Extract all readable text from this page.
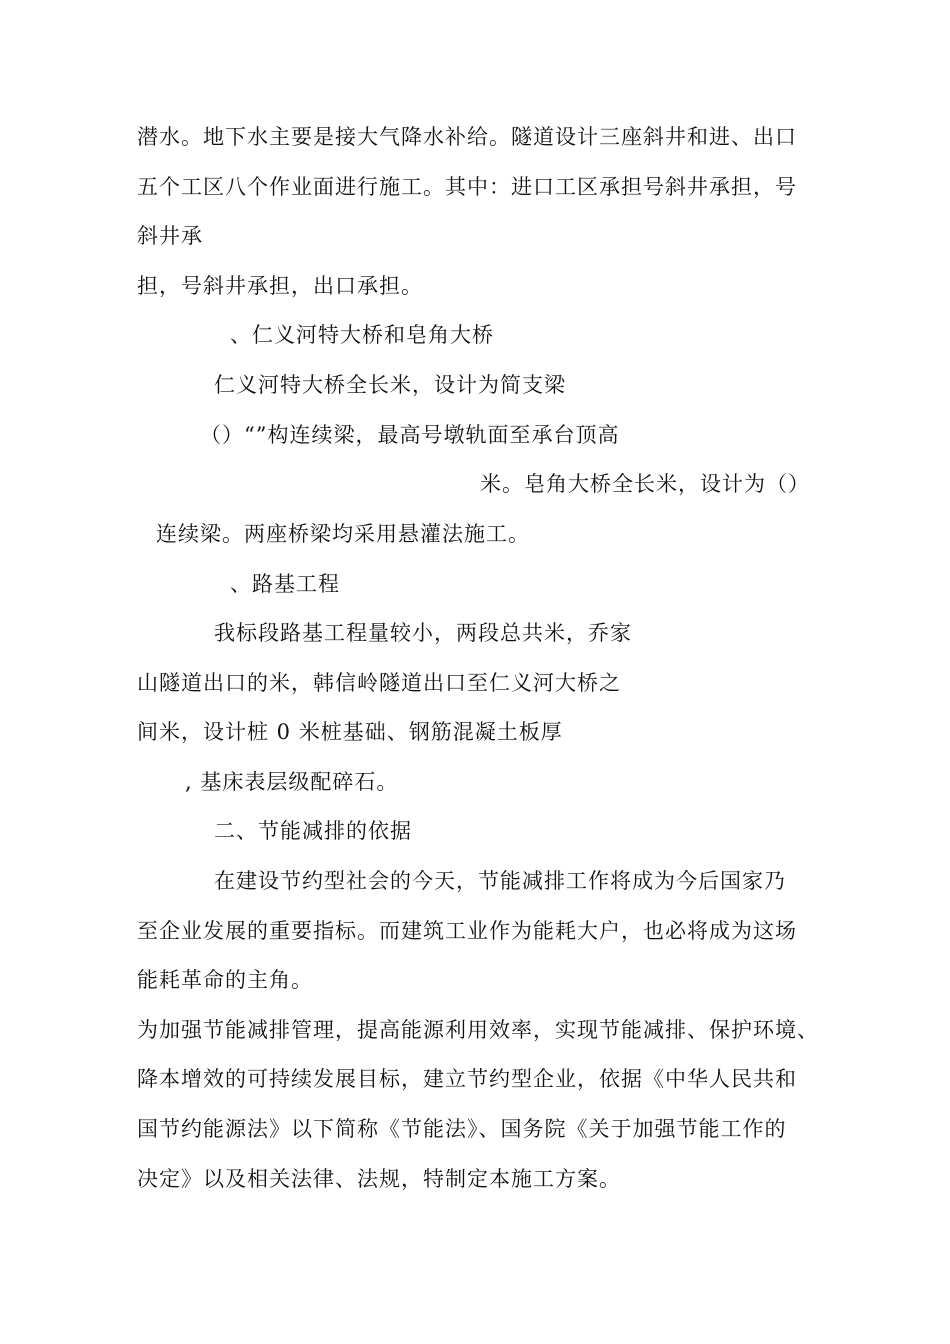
潜水。地下水主要是接大气降水补给。隧道设计三座斜井和进、出口
五个工区八个作业面进行施工。其中：进口工区承担号斜井承担，号
斜井承
担，号斜井承担，出口承担。
、仁义河特大桥和皂角大桥
仁义河特大桥全长米，设计为简支梁
（）“”构连续梁，最高号墩轨面至承台顶高
米。皂角大桥全长米，设计为（）
连续梁。两座桥梁均采用悬灌法施工。
、路基工程
我标段路基工程量较小，两段总共米，乔家
山隧道出口的米，韩信岭隧道出口至仁义河大桥之
间米，设计桩 0 米桩基础、钢筋混凝土板厚
, 基床表层级配碎石。
二、节能减排的依据
在建设节约型社会的今天，节能减排工作将成为今后国家乃
至企业发展的重要指标。而建筑工业作为能耗大户，也必将成为这场
能耗革命的主角。
为加强节能减排管理，提高能源利用效率，实现节能减排、保护环境、
降本增效的可持续发展目标，建立节约型企业，依据《中华人民共和
国节约能源法》以下简称《节能法》、国务院《关于加强节能工作的
决定》以及相关法律、法规，特制定本施工方案。
